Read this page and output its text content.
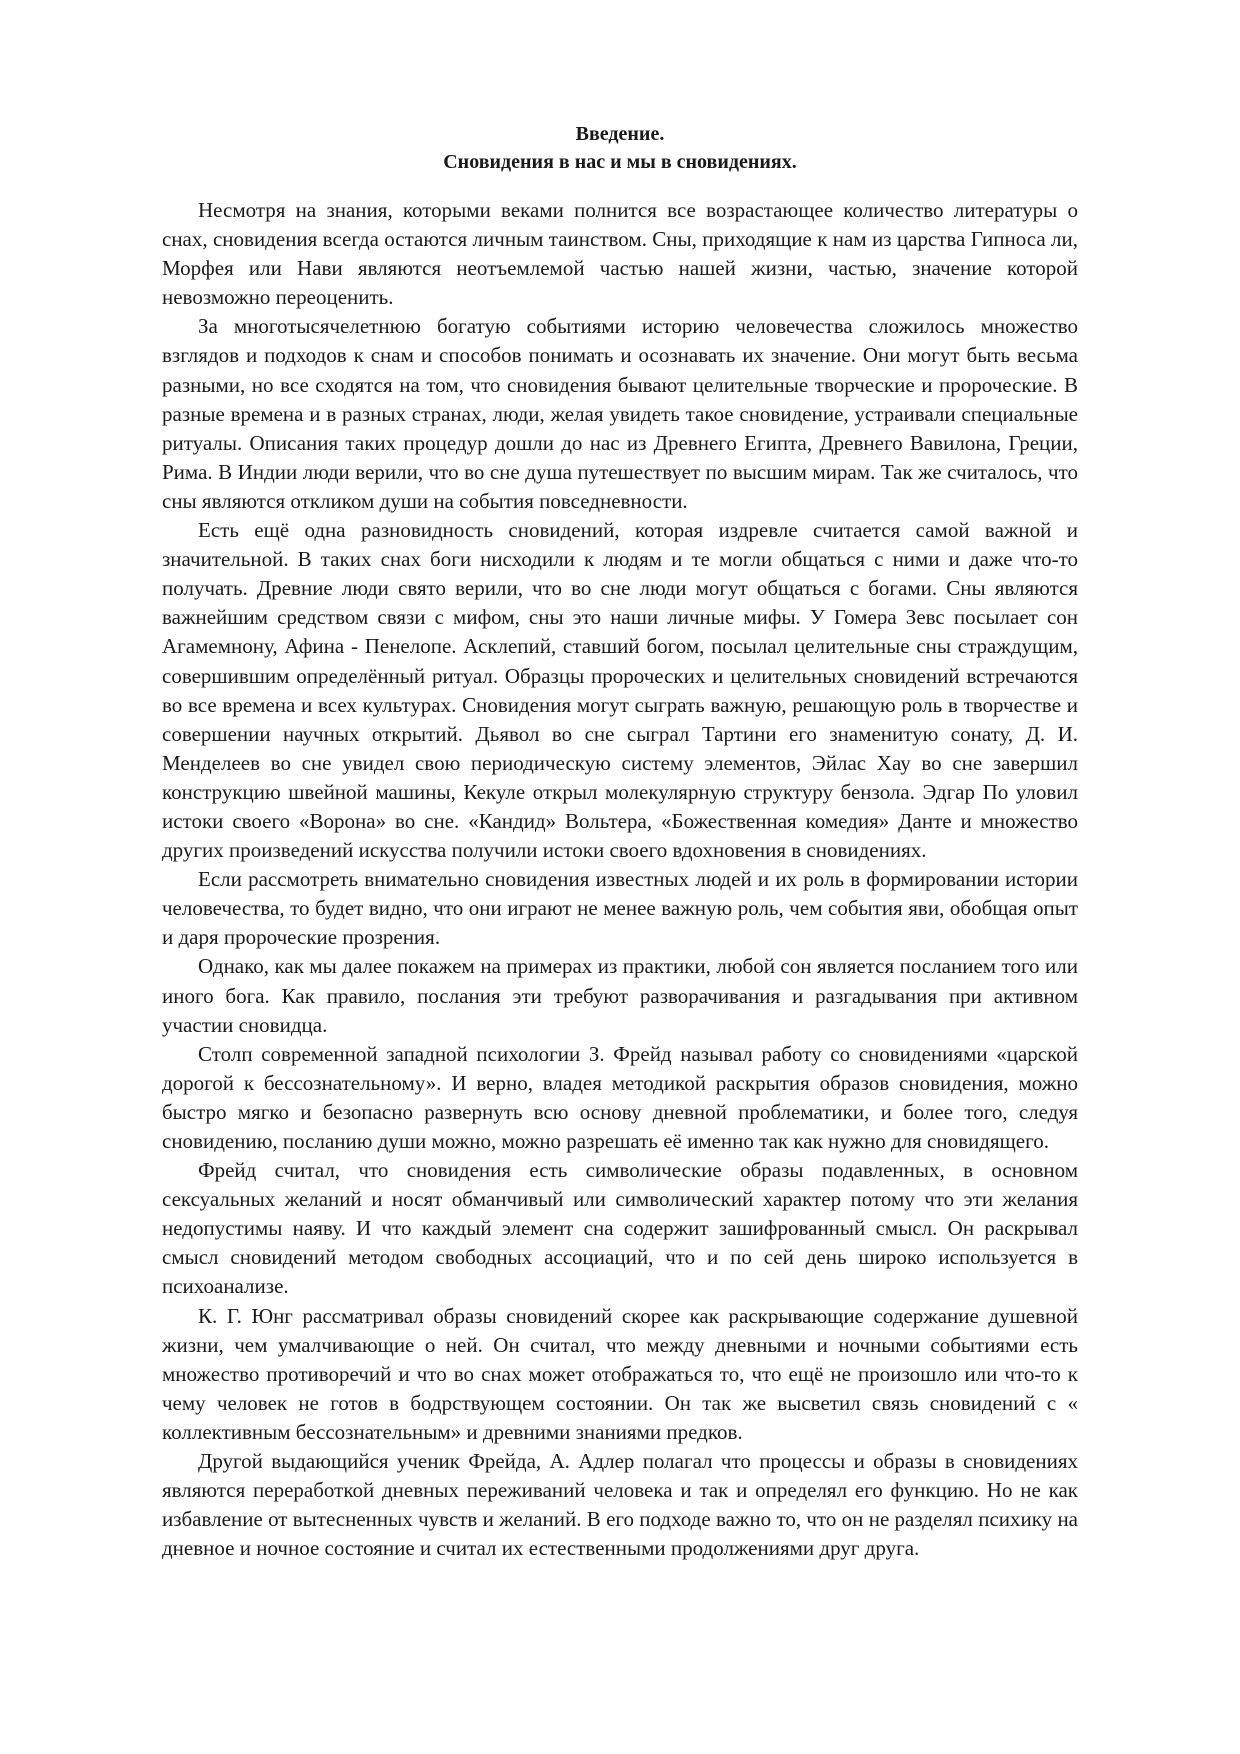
Введение.
Сновидения в нас и мы в сновидениях.

Несмотря на знания, которыми веками полнится все возрастающее количество литературы о снах, сновидения всегда остаются личным таинством. Сны, приходящие к нам из царства Гипноса ли, Морфея или Нави являются неотъемлемой частью нашей жизни, частью, значение которой невозможно переоценить.

За многотысячелетнюю богатую событиями историю человечества сложилось множество взглядов и подходов к снам и способов понимать и осознавать их значение. Они могут быть весьма разными, но все сходятся на том, что сновидения бывают целительные творческие и пророческие. В разные времена и в разных странах, люди, желая увидеть такое сновидение, устраивали специальные ритуалы. Описания таких процедур дошли до нас из Древнего Египта, Древнего Вавилона, Греции, Рима. В Индии люди верили, что во сне душа путешествует по высшим мирам. Так же считалось, что сны являются откликом души на события повседневности.

Есть ещё одна разновидность сновидений, которая издревле считается самой важной и значительной. В таких снах боги нисходили к людям и те могли общаться с ними и даже что-то получать. Древние люди свято верили, что во сне люди могут общаться с богами. Сны являются важнейшим средством связи с мифом, сны это наши личные мифы. У Гомера Зевс посылает сон Агамемнону, Афина - Пенелопе. Асклепий, ставший богом, посылал целительные сны страждущим, совершившим определённый ритуал. Образцы пророческих и целительных сновидений встречаются во все времена и всех культурах. Сновидения могут сыграть важную, решающую роль в творчестве и совершении научных открытий. Дьявол во сне сыграл Тартини его знаменитую сонату, Д. И. Менделеев во сне увидел свою периодическую систему элементов, Эйлас Хау во сне завершил конструкцию швейной машины, Кекуле открыл молекулярную структуру бензола. Эдгар По уловил истоки своего «Ворона» во сне. «Кандид» Вольтера, «Божественная комедия» Данте и множество других произведений искусства получили истоки своего вдохновения в сновидениях.

Если рассмотреть внимательно сновидения известных людей и их роль в формировании истории человечества, то будет видно, что они играют не менее важную роль, чем события яви, обобщая опыт и даря пророческие прозрения.

Однако, как мы далее покажем на примерах из практики, любой сон является посланием того или иного бога. Как правило, послания эти требуют разворачивания и разгадывания при активном участии сновидца.

Столп современной западной психологии З. Фрейд называл работу со сновидениями «царской дорогой к бессознательному». И верно, владея методикой раскрытия образов сновидения, можно быстро мягко и безопасно развернуть всю основу дневной проблематики, и более того, следуя сновидению, посланию души можно, можно разрешать её именно так как нужно для сновидящего.

Фрейд считал, что сновидения есть символические образы подавленных, в основном сексуальных желаний и носят обманчивый или символический характер потому что эти желания недопустимы наяву. И что каждый элемент сна содержит зашифрованный смысл. Он раскрывал смысл сновидений методом свободных ассоциаций, что и по сей день широко используется в психоанализе.

К. Г. Юнг рассматривал образы сновидений скорее как раскрывающие содержание душевной жизни, чем умалчивающие о ней. Он считал, что между дневными и ночными событиями есть множество противоречий и что во снах может отображаться то, что ещё не произошло или что-то к чему человек не готов в бодрствующем состоянии. Он так же высветил связь сновидений с « коллективным бессознательным» и древними знаниями предков.

Другой выдающийся ученик Фрейда, А. Адлер полагал что процессы и образы в сновидениях являются переработкой дневных переживаний человека и так и определял его функцию. Но не как избавление от вытесненных чувств и желаний. В его подходе важно то, что он не разделял психику на дневное и ночное состояние и считал их естественными продолжениями друг друга.
